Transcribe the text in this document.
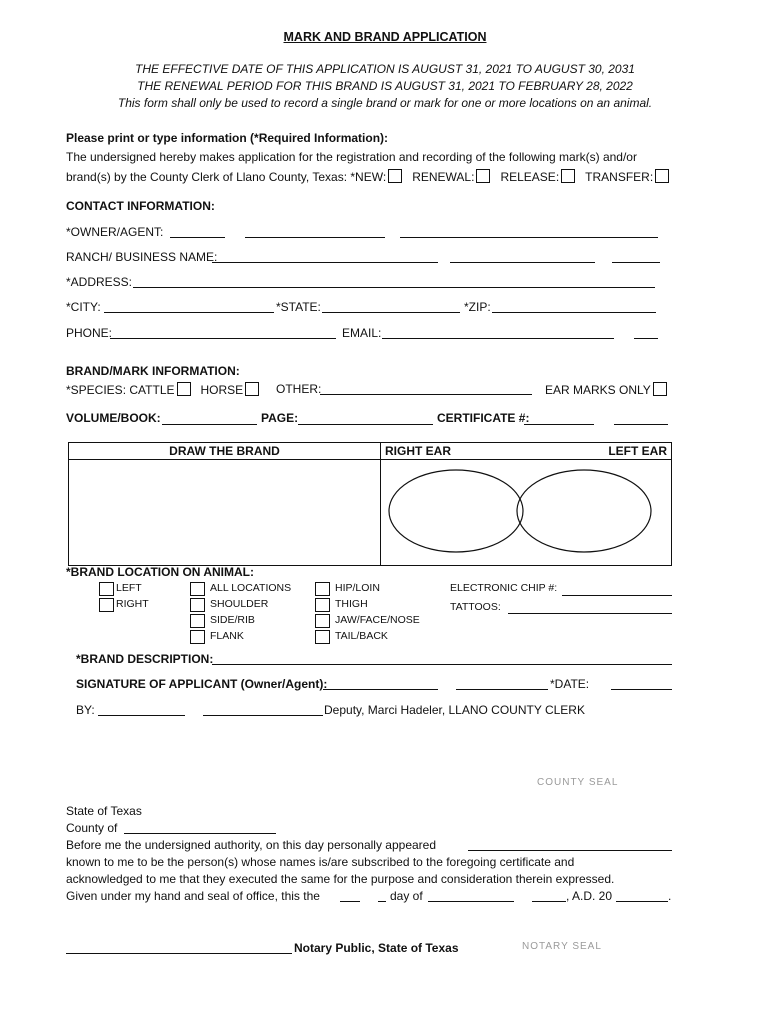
MARK AND BRAND APPLICATION
THE EFFECTIVE DATE OF THIS APPLICATION IS AUGUST 31, 2021 TO AUGUST 30, 2031
THE RENEWAL PERIOD FOR THIS BRAND IS AUGUST 31, 2021 TO FEBRUARY 28, 2022
This form shall only be used to record a single brand or mark for one or more locations on an animal.
Please print or type information (*Required Information):
The undersigned hereby makes application for the registration and recording of the following mark(s) and/or
brand(s) by the County Clerk of Llano County, Texas: *NEW: RENEWAL: RELEASE: TRANSFER:
CONTACT INFORMATION:
*OWNER/AGENT:
RANCH/ BUSINESS NAME:
*ADDRESS:
*CITY:	*STATE:	*ZIP:
PHONE:	EMAIL:
BRAND/MARK INFORMATION:
*SPECIES: CATTLE HORSE	OTHER:	EAR MARKS ONLY
VOLUME/BOOK:	PAGE:	CERTIFICATE #:
DRAW THE BRAND	RIGHT EAR	LEFT EAR
*BRAND LOCATION ON ANIMAL:
LEFT
RIGHT
ALL LOCATIONS
SHOULDER
SIDE/RIB
FLANK
HIP/LOIN
THIGH
JAW/FACE/NOSE
TAIL/BACK
ELECTRONIC CHIP #:
TATTOOS:
*BRAND DESCRIPTION:
SIGNATURE OF APPLICANT (Owner/Agent):	*DATE:
BY:	Deputy, Marci Hadeler, LLANO COUNTY CLERK
COUNTY SEAL
State of Texas
County of
Before me the undersigned authority, on this day personally appeared
known to me to be the person(s) whose names is/are subscribed to the foregoing certificate and
acknowledged to me that they executed the same for the purpose and consideration therein expressed.
Given under my hand and seal of office, this the	day of	, A.D. 20	.
Notary Public, State of Texas	NOTARY SEAL
